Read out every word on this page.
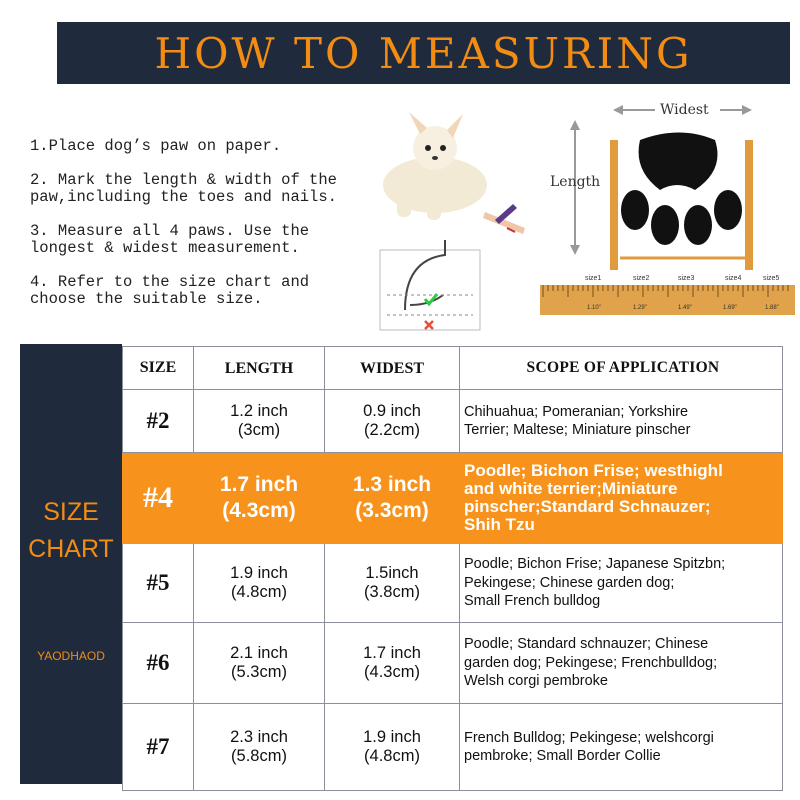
HOW TO MEASURING
1.Place dog’s paw on paper.
2. Mark the length & width of the
paw,including the toes and nails.
3. Measure all 4 paws. Use the
longest & widest measurement.
4. Refer to the size chart and
choose the suitable size.
Widest
Length
size1	size2	size3	size4	size5
1.10"	1.29"	1.49"	1.69"	1.88"
SIZE
CHART
YAODHAOD
SIZE	LENGTH	WIDEST	SCOPE OF APPLICATION
#2	1.2 inch
(3cm)	0.9 inch
(2.2cm)	Chihuahua; Pomeranian; Yorkshire
Terrier; Maltese; Miniature pinscher

#4	1.7 inch
(4.3cm)	1.3 inch
(3.3cm)	Poodle; Bichon Frise; westhighl
and white terrier;Miniature
pinscher;Standard Schnauzer;
Shih Tzu

#5	1.9 inch
(4.8cm)	1.5inch
(3.8cm)	Poodle; Bichon Frise; Japanese Spitzbn;
Pekingese; Chinese garden dog;
Small French bulldog

#6	2.1 inch
(5.3cm)	1.7 inch
(4.3cm)	Poodle; Standard schnauzer; Chinese
garden dog; Pekingese; Frenchbulldog;
Welsh corgi pembroke

#7	2.3 inch
(5.8cm)	1.9 inch
(4.8cm)	French Bulldog; Pekingese; welshcorgi
pembroke; Small Border Collie
